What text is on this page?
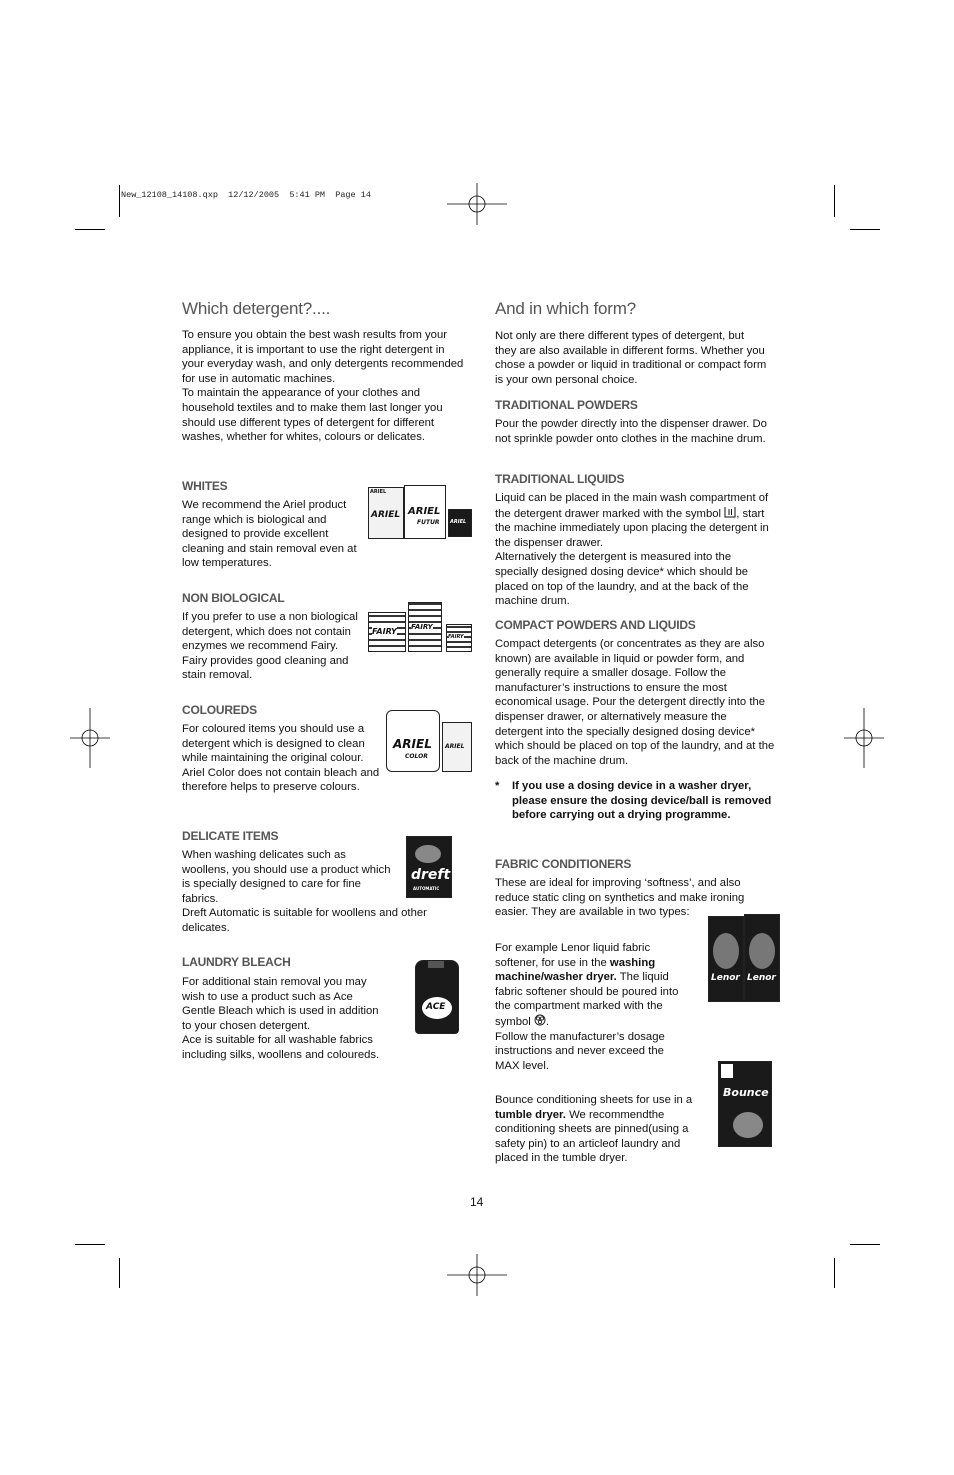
New_12108_14108.qxp  12/12/2005  5:41 PM  Page 14
Which detergent?....

To ensure you obtain the best wash results from your appliance, it is important to use the right detergent in your everyday wash, and only detergents recommended for use in automatic machines.

To maintain the appearance of your clothes and household textiles and to make them last longer you should use different types of detergent for different washes, whether for whites, colours or delicates.

WHITES

We recommend the Ariel product range which is biological and designed to provide excellent cleaning and stain removal even at low temperatures.

NON BIOLOGICAL

If you prefer to use a non biological detergent, which does not contain enzymes we recommend Fairy. Fairy provides good cleaning and stain removal.

COLOUREDS

For coloured items you should use a detergent which is designed to clean while maintaining the original colour. Ariel Color does not contain bleach and therefore helps to preserve colours.

DELICATE ITEMS

When washing delicates such as woollens, you should use a product which is specially designed to care for fine fabrics.

Dreft Automatic is suitable for woollens and other delicates.

LAUNDRY BLEACH

For additional stain removal you may wish to use a product such as Ace Gentle Bleach which is used in addition to your chosen detergent.

Ace is suitable for all washable fabrics including silks, woollens and coloureds.

ARIEL
ARIEL ARIEL
FUTUR ARIEL
FAIRY FAIRY
FAIRY
ARIEL
COLOR
ARIEL
dreft
AUTOMATIC
ACE
And in which form?

Not only are there different types of detergent, but they are also available in different forms. Whether you chose a powder or liquid in traditional or compact form is your own personal choice.

TRADITIONAL POWDERS

Pour the powder directly into the dispenser drawer. Do not sprinkle powder onto clothes in the machine drum.

TRADITIONAL LIQUIDS

Liquid can be placed in the main wash compartment of the detergent drawer marked with the symbol , start the machine immediately upon placing the detergent in the dispenser drawer.

Alternatively the detergent is measured into the specially designed dosing device* which should be placed on top of the laundry, and at the back of the machine drum.

COMPACT POWDERS AND LIQUIDS

Compact detergents (or concentrates as they are also known) are available in liquid or powder form, and generally require a smaller dosage. Follow the manufacturer’s instructions to ensure the most economical usage. Pour the detergent directly into the dispenser drawer, or alternatively measure the detergent into the specially designed dosing device* which should be placed on top of the laundry, and at the back of the machine drum.

* If you use a dosing device in a washer dryer, please ensure the dosing device/ball is removed before carrying out a drying programme.

FABRIC CONDITIONERS

These are ideal for improving ‘softness’, and also reduce static cling on synthetics and make ironing easier. They are available in two types:

For example Lenor liquid fabric softener, for use in the washing machine/washer dryer. The liquid fabric softener should be poured into the compartment marked with the symbol .

Follow the manufacturer’s dosage instructions and never exceed the MAX level.

Bounce conditioning sheets for use in a tumble dryer. We recommendthe conditioning sheets are pinned(using a safety pin) to an articleof laundry and placed in the tumble dryer.

Lenor Lenor
Bounce
14
